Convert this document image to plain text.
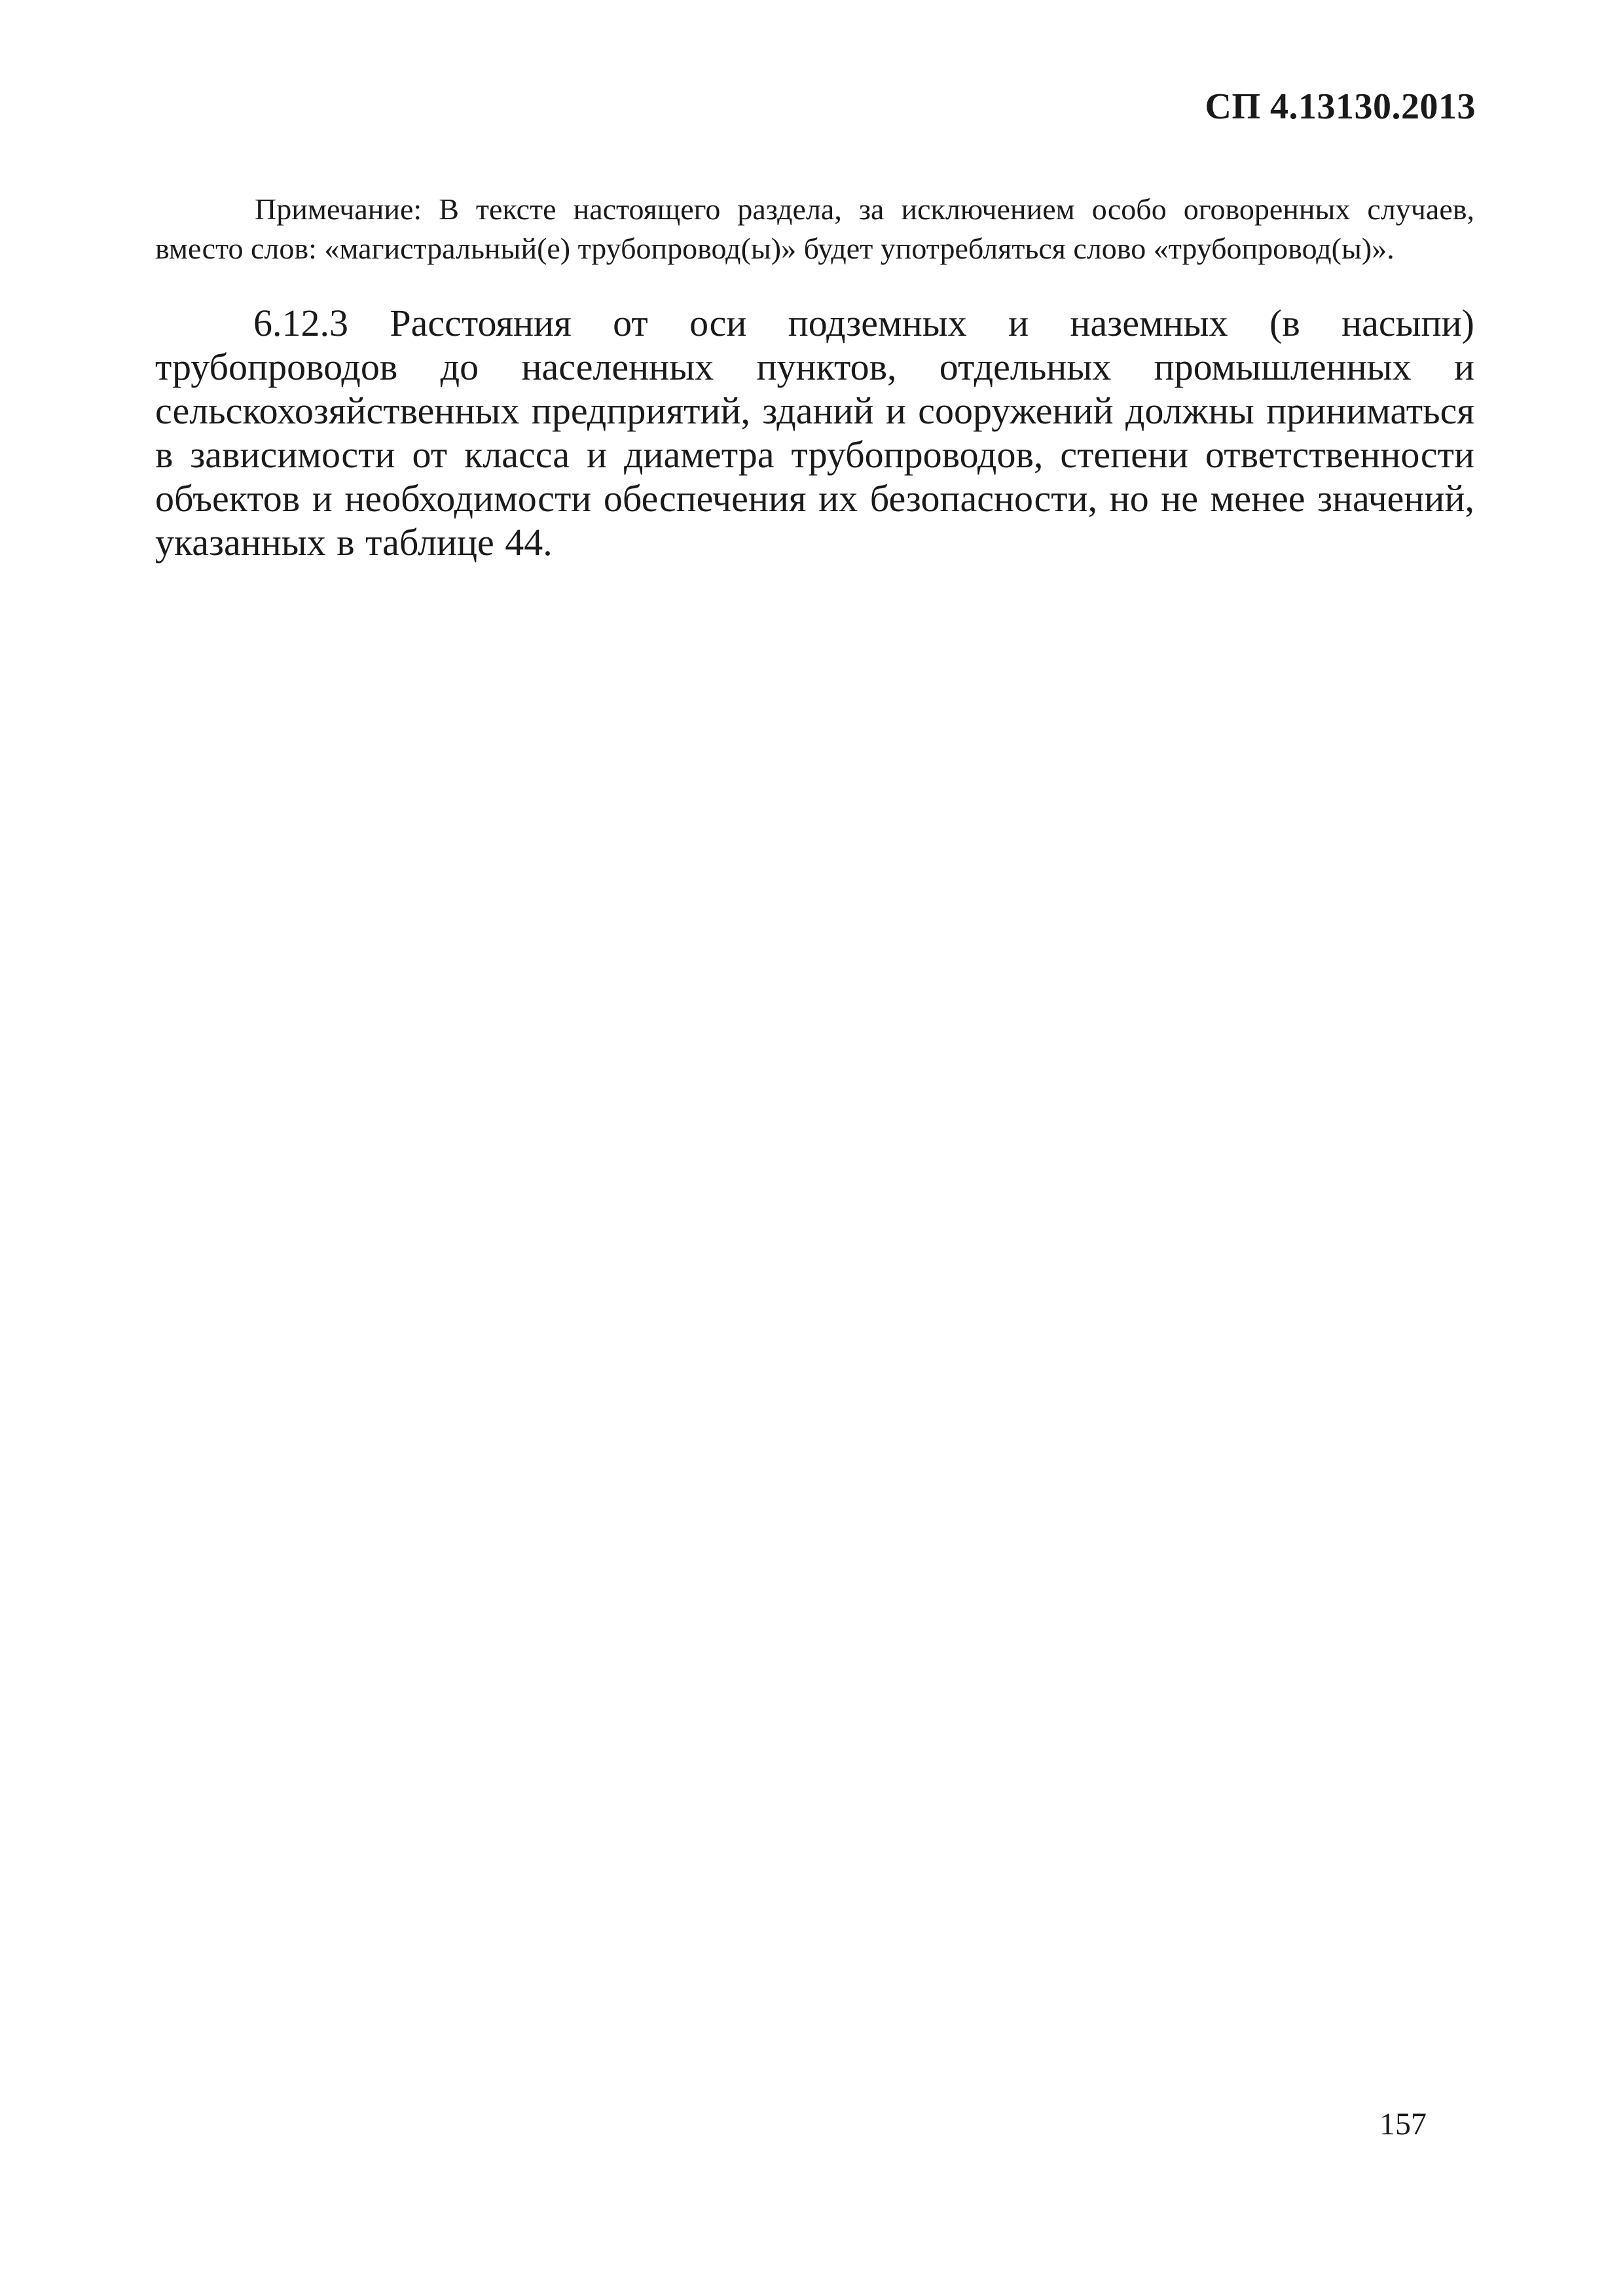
СП 4.13130.2013

Примечание: В тексте настоящего раздела, за исключением особо оговоренных случаев, вместо слов: «магистральный(е) трубопровод(ы)» будет употребляться слово «трубопровод(ы)».

6.12.3 Расстояния от оси подземных и наземных (в насыпи) трубопроводов до населенных пунктов, отдельных промышленных и сельскохозяйственных предприятий, зданий и сооружений должны приниматься в зависимости от класса и диаметра трубопроводов, степени ответственности объектов и необходимости обеспечения их безопасности, но не менее значений, указанных в таблице 44.

157
